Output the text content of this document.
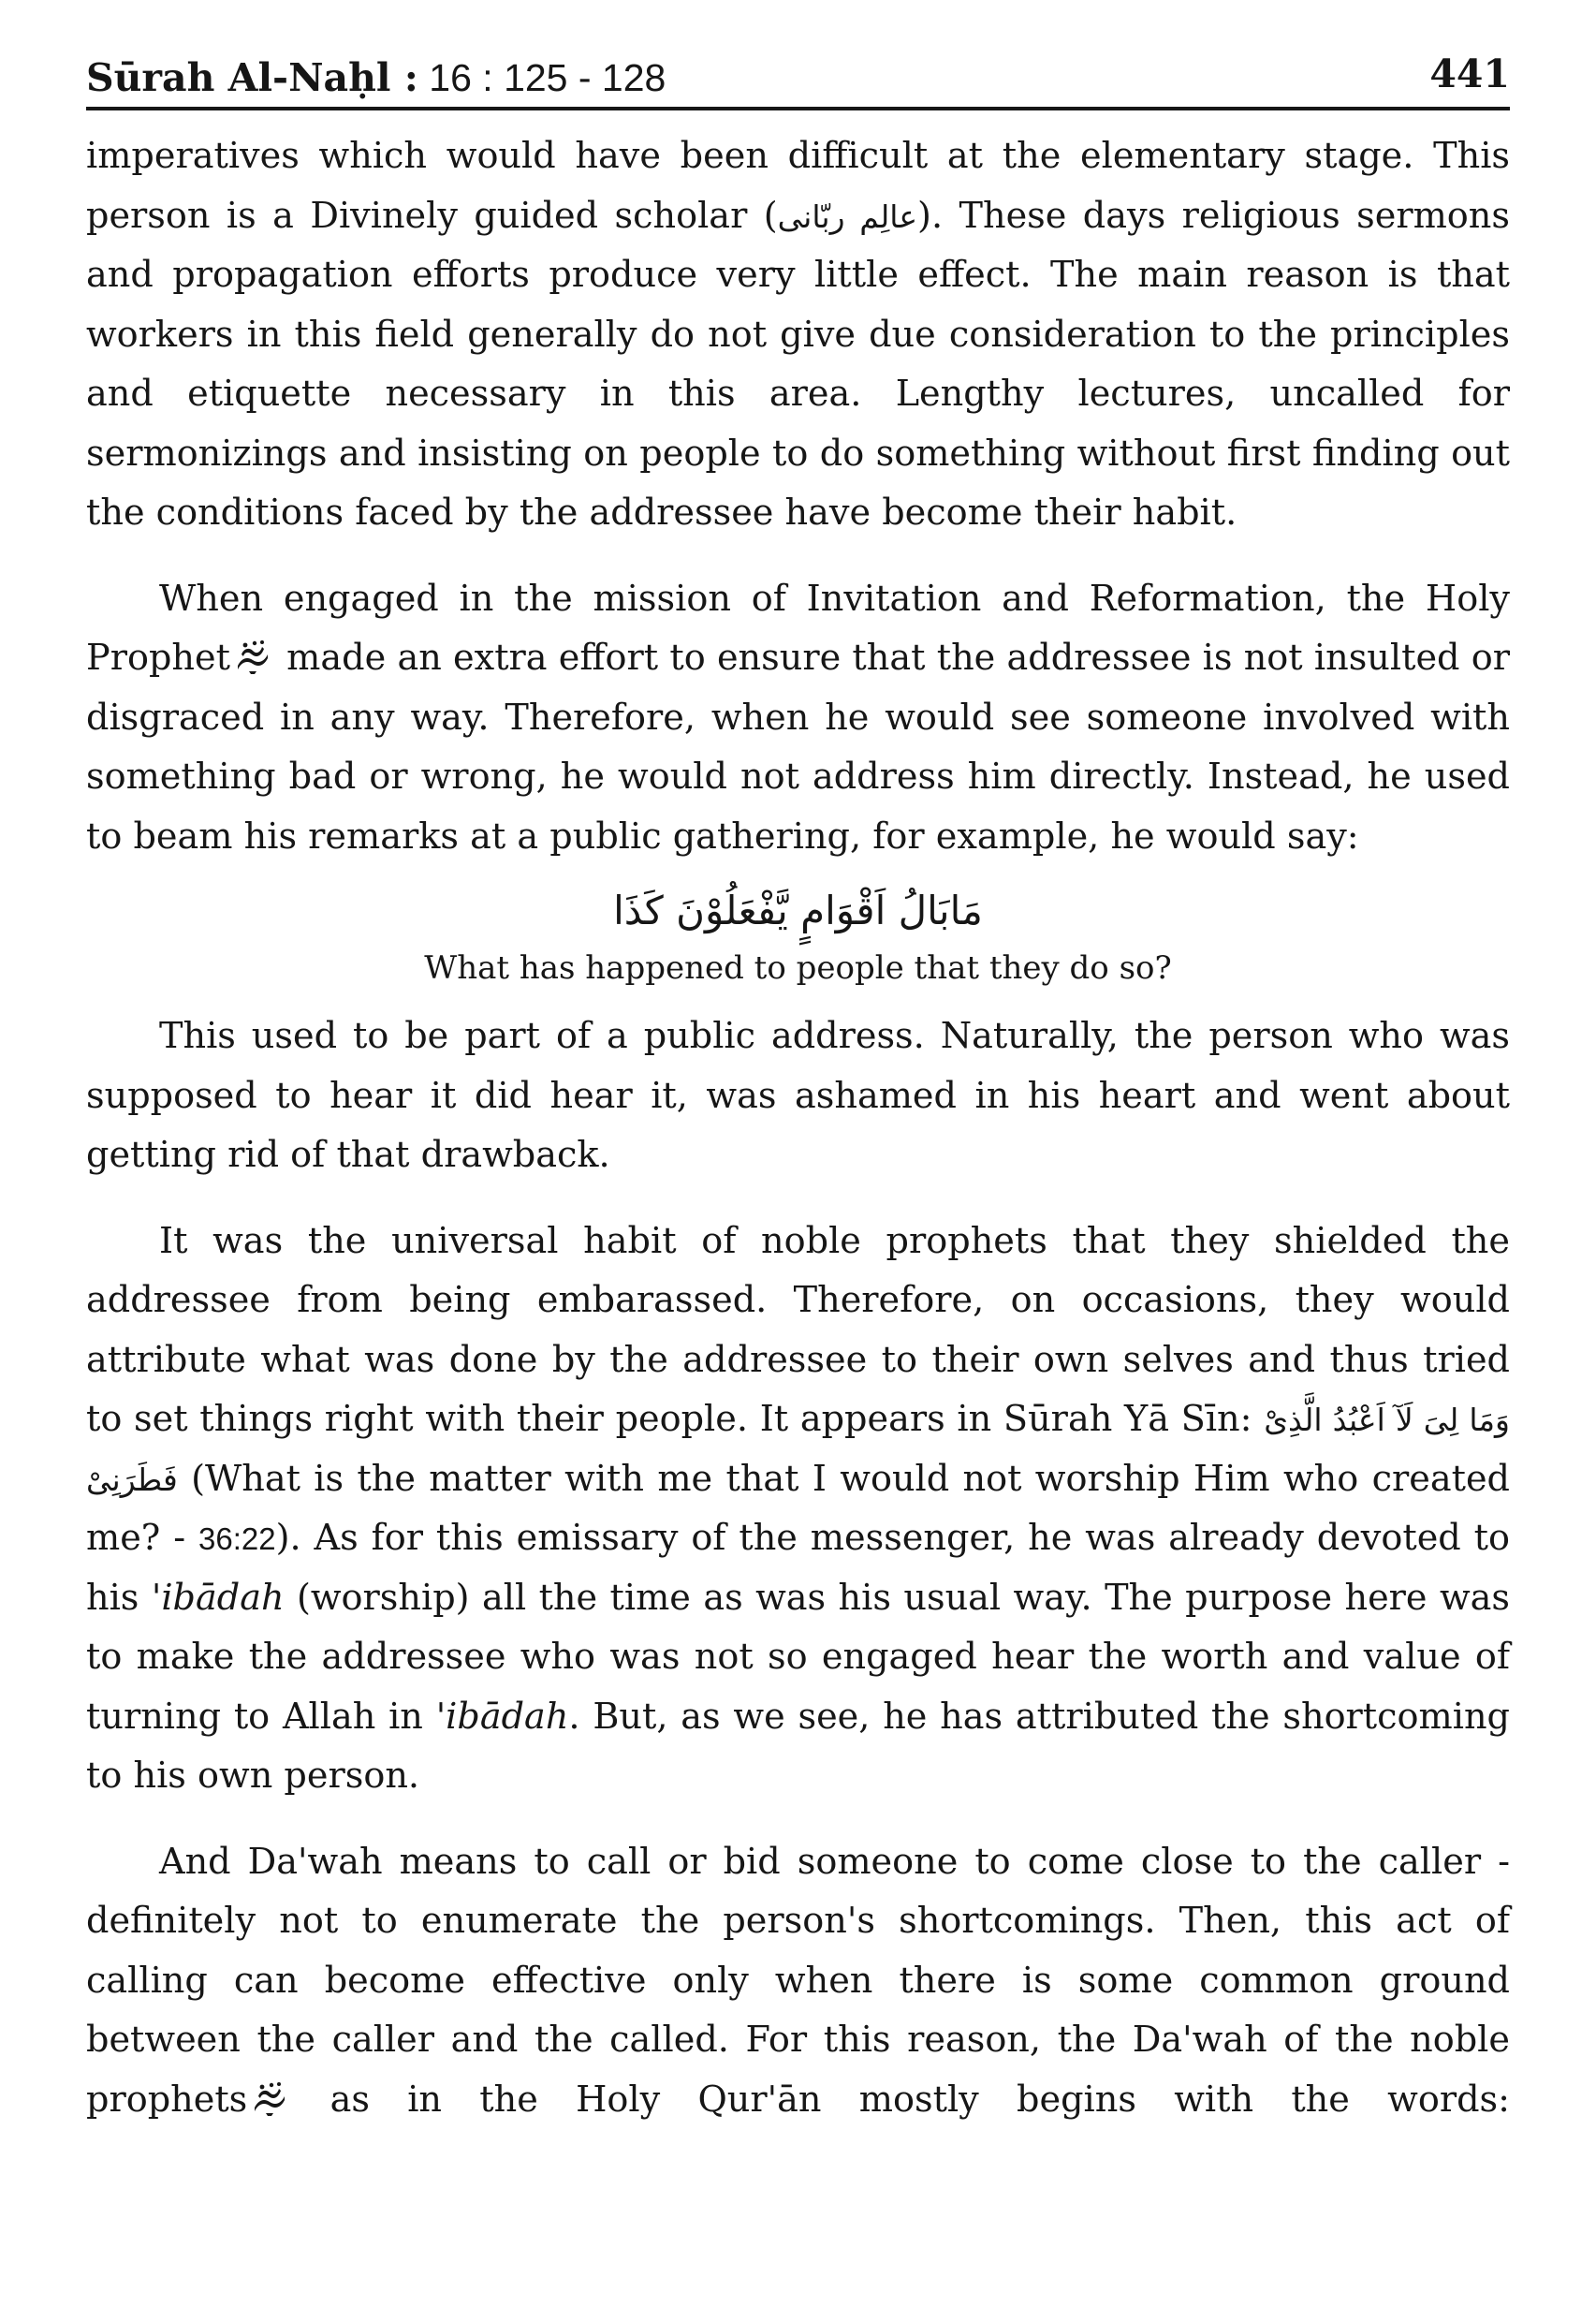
Sūrah Al-Naḥl : 16 : 125 - 128	441

imperatives which would have been difficult at the elementary stage. This person is a Divinely guided scholar (عالِم ربّانی). These days religious sermons and propagation efforts produce very little effect. The main reason is that workers in this field generally do not give due consideration to the principles and etiquette necessary in this area. Lengthy lectures, uncalled for sermonizings and insisting on people to do something without first finding out the conditions faced by the addressee have become their habit.

When engaged in the mission of Invitation and Reformation, the Holy Prophet made an extra effort to ensure that the addressee is not insulted or disgraced in any way. Therefore, when he would see someone involved with something bad or wrong, he would not address him directly. Instead, he used to beam his remarks at a public gathering, for example, he would say:

مَابَالُ اَقْوَامٍ يَّفْعَلُوْنَ كَذَا
What has happened to people that they do so?

This used to be part of a public address. Naturally, the person who was supposed to hear it did hear it, was ashamed in his heart and went about getting rid of that drawback.

It was the universal habit of noble prophets that they shielded the addressee from being embarassed. Therefore, on occasions, they would attribute what was done by the addressee to their own selves and thus tried to set things right with their people. It appears in Sūrah Yā Sīn: وَمَا لِیَ لَآ اَعْبُدُ الَّذِیْ فَطَرَنِیْ (What is the matter with me that I would not worship Him who created me? - 36:22). As for this emissary of the messenger, he was already devoted to his 'ibādah (worship) all the time as was his usual way. The purpose here was to make the addressee who was not so engaged hear the worth and value of turning to Allah in 'ibādah. But, as we see, he has attributed the shortcoming to his own person.

And Da'wah means to call or bid someone to come close to the caller - definitely not to enumerate the person's shortcomings. Then, this act of calling can become effective only when there is some common ground between the caller and the called. For this reason, the Da'wah of the noble prophets as in the Holy Qur'ān mostly begins with the words:
